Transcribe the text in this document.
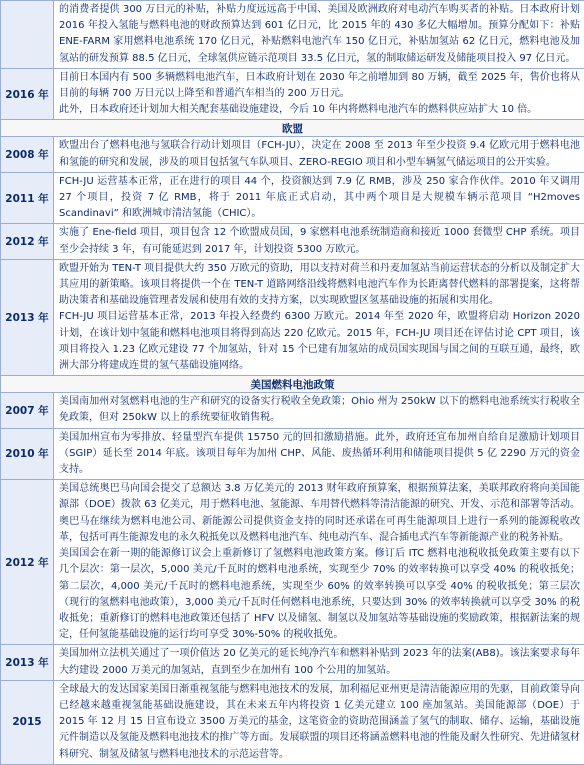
	的消费者提供 300 万日元的补贴，补贴力度远远高于中国、美国及欧洲政府对电动汽车购买者的补贴。日本政府计划 2016 年投入氢能与燃料电池的财政预算达到 601 亿日元，比 2015 年的 430 多亿大幅增加。预算分配如下：补贴 ENE-FARM 家用燃料电池系统 170 亿日元，补贴燃料电池汽车 150 亿日元，补贴加氢站 62 亿日元，燃料电池及加氢站的研发预算 88.5 亿日元，全球氢供应链示范项目 33.5 亿日元，氢的制取储运研发及储能项目投入 97 亿日元。

2016 年	目前日本国内有 500 多辆燃料电池汽车，日本政府计划在 2030 年之前增加到 80 万辆，截至 2025 年，售价也将从目前的每辆 700 万日元以上降至和普通汽车相当的 200 万日元。

此外，日本政府还计划加大相关配套基础设施建设，今后 10 年内将燃料电池汽车的燃料供应站扩大 10 倍。

欧盟	
2008 年	欧盟出台了燃料电池与氢联合行动计划项目（FCH-JU），决定在 2008 至 2013 年至少投资 9.4 亿欧元用于燃料电池和氢能的研究和发展，涉及的项目包括氢气车队项目、ZERO-REGIO 项目和小型车辆氢气储运项目的公开实验。

2011 年	FCH-JU 运营基本正常，正在进行的项目 44 个，投资额达到 7.9 亿 RMB，涉及 250 家合作伙伴。2010 年又调用 27 个项目，投资 7 亿 RMB，将于 2011 年底正式启动，其中两个项目是大规模车辆示范项目 “H2moves Scandinavi” 和欧洲城市清洁氢能（CHIC）。

2012 年	实施了 Ene-field 项目，项目包含 12 个欧盟成员国，9 家燃料电池系统制造商和接近 1000 套微型 CHP 系统。项目至少会持续 3 年，有可能延迟到 2017 年，计划投资 5300 万欧元。

2013 年	欧盟开始为 TEN-T 项目提供大约 350 万欧元的资助，用以支持对荷兰和丹麦加氢站当前运营状态的分析以及制定扩大其应用的新策略。该项目将提供一个在 TEN-T 道路网络沿线将燃料电池汽车作为长距离替代燃料的部署提案，这将帮助决策者和基础设施管理者发展和使用有效的支持方案，以实现欧盟区氢基础设施的拓展和实用化。

FCH-JU 项目运营基本正常，2013 年投入经费约 6300 万欧元。2014 年至 2020 年，欧盟将启动 Horizon 2020 计划，在该计划中氢能和燃料电池项目将得到高达 220 亿欧元。2015 年，FCH-JU 项目还在评估讨论 CPT 项目，该项目将投入 1.23 亿欧元建设 77 个加氢站，针对 15 个已建有加氢站的成员国实现国与国之间的互联互通，最终，欧洲大部分将建成连贯的氢气基础设施网络。

美国燃料电池政策	
2007 年	美国南加州对氢燃料电池的生产和研究的设备实行税收全免政策；Ohio 州为 250kW 以下的燃料电池系统实行税收全免政策，但对 250kW 以上的系统要征收销售税。

2010 年	美国加州宣布为零排放、轻量型汽车提供 15750 元的回扣激励措施。此外，政府还宣布加州自给自足激励计划项目（SGIP）延长至 2014 年底。该项目每年为加州 CHP、风能、废热循环利用和储能项目提供 5 亿 2290 万元的资金支持。

2012 年	美国总统奥巴马向国会提交了总额达 3.8 万亿美元的 2013 财年政府预算案，根据预算法案，美联邦政府将向美国能源部（DOE）拨款 63 亿美元，用于燃料电池、氢能源、车用替代燃料等清洁能源的研究、开发、示范和部署等活动。奥巴马在继续为燃料电池公司、新能源公司提供资金支持的同时还承诺在可再生能源项目上进行一系列的能源税收改革，包括可再生能源发电的永久税抵免以及燃料电池汽车、纯电动汽车、混合插电式汽车等新能源产业的税务补贴。

美国国会在新一期的能源修订议会上重新修订了氢燃料电池政策方案。修订后 ITC 燃料电池税收抵免政策主要有以下几个层次：第一层次，5,000 美元/千瓦时的燃料电池系统，实现至少 70% 的效率转换可以享受 40% 的税收抵免；第二层次，4,000 美元/千瓦时的燃料电池系统，实现至少 60% 的效率转换可以享受 40% 的税收抵免；第三层次（现行的氢燃料电池政策），3,000 美元/千瓦时任何燃料电池系统，只要达到 30% 的效率转换就可以享受 30% 的税收抵免；重新修订的燃料电池政策还包括了 HFV 以及储氢、制氢以及加氢站等基础设施的奖励政策，根据新法案的规定，任何氢能基础设施的运行均可享受 30%-50% 的税收抵免。

2013 年	美国加州立法机关通过了一项价值达 20 亿美元的延长纯净汽车和燃料补贴到 2023 年的法案(AB8)。该法案要求每年大约建设 2000 万美元的加氢站，直到至少在加州有 100 个公用的加氢站。

2015	全球最大的发达国家美国日渐重视氢能与燃料电池技术的发展，加利福尼亚州更是清洁能源应用的先驱，目前政策导向已经越来越重视氢能基础设施建设，其在未来五年内将投资 1 亿美元建立 100 座加氢站。美国能源部（DOE）于 2015 年 12 月 15 日宣布设立 3500 万美元的基金，这笔资金的资助范围涵盖了氢气的制取、储存、运输，基础设施元件制造以及氢能及燃料电池技术的推广等方面。发展联盟的项目还将涵盖燃料电池的性能及耐久性研究、先进储氢材料研究、制氢及储氢与燃料电池技术的示范运营等。
